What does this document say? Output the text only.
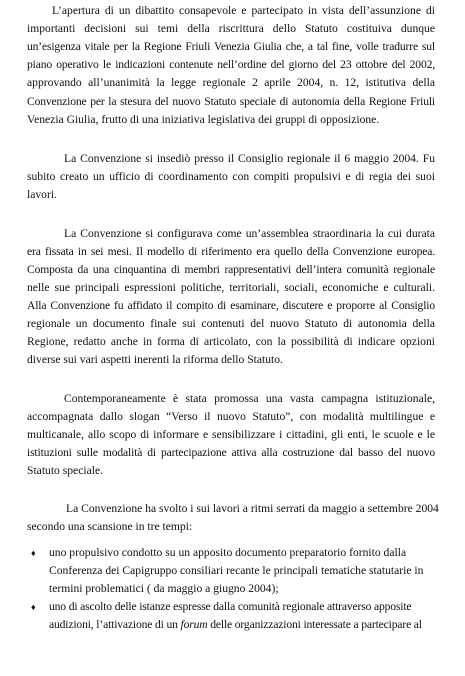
L’apertura di un dibattito consapevole e partecipato in vista dell’assunzione di
importanti decisioni sui temi della riscrittura dello Statuto costituiva dunque
un’esigenza vitale per la Regione Friuli Venezia Giulia che, a tal fine, volle tradurre sul
piano operativo le indicazioni contenute nell’ordine del giorno del 23 ottobre del 2002,
approvando all’unanimità la legge regionale 2 aprile 2004, n. 12, istitutiva della
Convenzione per la stesura del nuovo Statuto speciale di autonomia della Regione Friuli
Venezia Giulia, frutto di una iniziativa legislativa dei gruppi di opposizione.
La Convenzione si insediò presso il Consiglio regionale il 6 maggio 2004. Fu
subito creato un ufficio di coordinamento con compiti propulsivi e di regia dei suoi
lavori.
La Convenzione si configurava come un’assemblea straordinaria la cui durata
era fissata in sei mesi. Il modello di riferimento era quello della Convenzione europea.
Composta da una cinquantina di membri rappresentativi dell’intera comunità regionale
nelle sue principali espressioni politiche, territoriali, sociali, economiche e culturali.
Alla Convenzione fu affidato il compito di esaminare, discutere e proporre al Consiglio
regionale un documento finale sui contenuti del nuovo Statuto di autonomia della
Regione, redatto anche in forma di articolato, con la possibilità di indicare opzioni
diverse sui vari aspetti inerenti la riforma dello Statuto.
Contemporaneamente è stata promossa una vasta campagna istituzionale,
accompagnata dallo slogan “Verso il nuovo Statuto”, con modalità multilingue e
multicanale, allo scopo di informare e sensibilizzare i cittadini, gli enti, le scuole e le
istituzioni sulle modalità di partecipazione attiva alla costruzione dal basso del nuovo
Statuto speciale.
La Convenzione ha svolto i sui lavori a ritmi serrati da maggio a settembre 2004
secondo una scansione in tre tempi:
♦ uno propulsivo condotto su un apposito documento preparatorio fornito dalla
Conferenza dei Capigruppo consiliari recante le principali tematiche statutarie in
termini problematici ( da maggio a giugno 2004);
♦ uno di ascolto delle istanze espresse dalla comunità regionale attraverso apposite
audizioni, l’attivazione di un forum delle organizzazioni interessate a partecipare al
